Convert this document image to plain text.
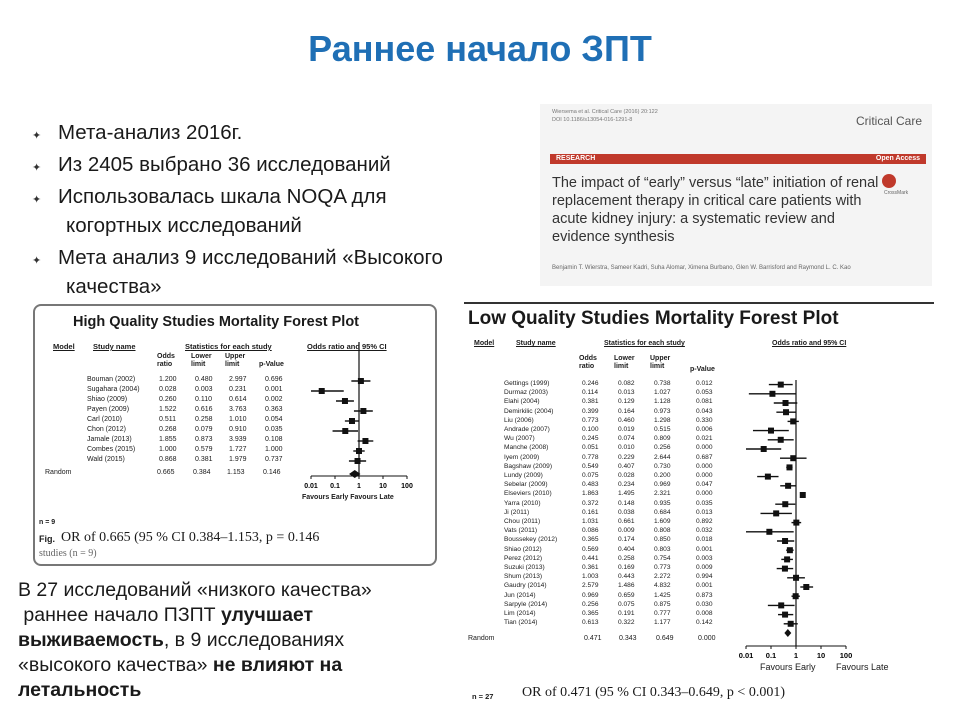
Раннее начало ЗПТ
✦ Мета-анализ 2016г.
✦ Из 2405 выбрано 36 исследований
✦ Использовалась шкала NOQA для
когортных исследований
✦ Мета анализ 9 исследований «Высокого
качества»
Wiersema et al. Critical Care (2016) 20:122
DOI 10.1186/s13054-016-1291-8	Critical Care
RESEARCH	Open Access
The impact of “early” versus “late” initiation of renal replacement therapy in critical care patients with acute kidney injury: a systematic review and evidence synthesis
CrossMark
Benjamin T. Wierstra, Sameer Kadri, Suha Alomar, Ximena Burbano, Glen W. Barrisford and Raymond L. C. Kao
High Quality Studies Mortality Forest Plot
Model Study name	Statistics for each study	Odds ratio and 95% CI
Odds ratio
Lower limit
Upper limit	p-Value
Bouman (2002)	1.200	0.480 2.997	0.696
Sugahara (2004)	0.028	0.003 0.231	0.001
Shiao (2009)	0.260	0.110 0.614	0.002
Payen (2009)	1.522	0.616 3.763	0.363
Carl (2010)	0.511	0.258 1.010	0.054
Chon (2012)	0.268	0.079 0.910	0.035
Jamale (2013)	1.855	0.873 3.939	0.108
Combes (2015)	1.000	0.579 1.727	1.000
Wald (2015)	0.868	0.381 1.979	0.737
Random	0.665	0.384 1.153	0.146
0.01 0.1 1	10 100
Favours Early Favours Late
n = 9
Fig. OR of 0.665 (95 % CI 0.384–1.153, p = 0.146
studies (n = 9)
Low Quality Studies Mortality Forest Plot
Model	Study name	Statistics for each study	Odds ratio and 95% CI
Odds ratio
Lower limit
Upper limit	p-Value
Gettings (1999)	0.246	0.082	0.738	0.012
Durmaz (2003)	0.114	0.013	1.027	0.053
Elahi (2004)	0.381	0.129	1.128	0.081
Demirkilic (2004)	0.399	0.164	0.973	0.043
Liu (2006)	0.773	0.460	1.298	0.330
Andrade (2007)	0.100	0.019	0.515	0.006
Wu (2007)	0.245	0.074	0.809	0.021
Manche (2008)	0.051	0.010	0.256	0.000
Iyem (2009)	0.778	0.229	2.644	0.687
Bagshaw (2009)	0.549	0.407	0.730	0.000
Lundy (2009)	0.075	0.028	0.200	0.000
Sebelar (2009)	0.483	0.234	0.969	0.047
Elseviers (2010)	1.863	1.495	2.321	0.000
Yarra (2010)	0.372	0.148	0.935	0.035
Ji (2011)	0.161	0.038	0.684	0.013
Chou (2011)	1.031	0.661	1.609	0.892
Vats (2011)	0.086	0.009	0.808	0.032
Boussekey (2012)	0.365	0.174	0.850	0.018
Shiao (2012)	0.569	0.404	0.803	0.001
Perez (2012)	0.441	0.258	0.754	0.003
Suzuki (2013)	0.361	0.169	0.773	0.009
Shum (2013)	1.003	0.443	2.272	0.994
Gaudry (2014)	2.579	1.486	4.832	0.001
Jun (2014)	0.969	0.659	1.425	0.873
Sarpyle (2014)	0.256	0.075	0.875	0.030
Lim (2014)	0.365	0.191	0.777	0.008
Tian (2014)	0.613	0.322	1.177	0.142
Random	0.471 0.343	0.649	0.000
0.01 0.1 1 10 100
Favours Early Favours Late
n = 27 OR of 0.471 (95 % CI 0.343–0.649, p < 0.001)
В 27 исследований «низкого качества»
раннее начало ПЗПТ улучшает
выживаемость, в 9 исследованиях
«высокого качества» не влияют на
летальность
